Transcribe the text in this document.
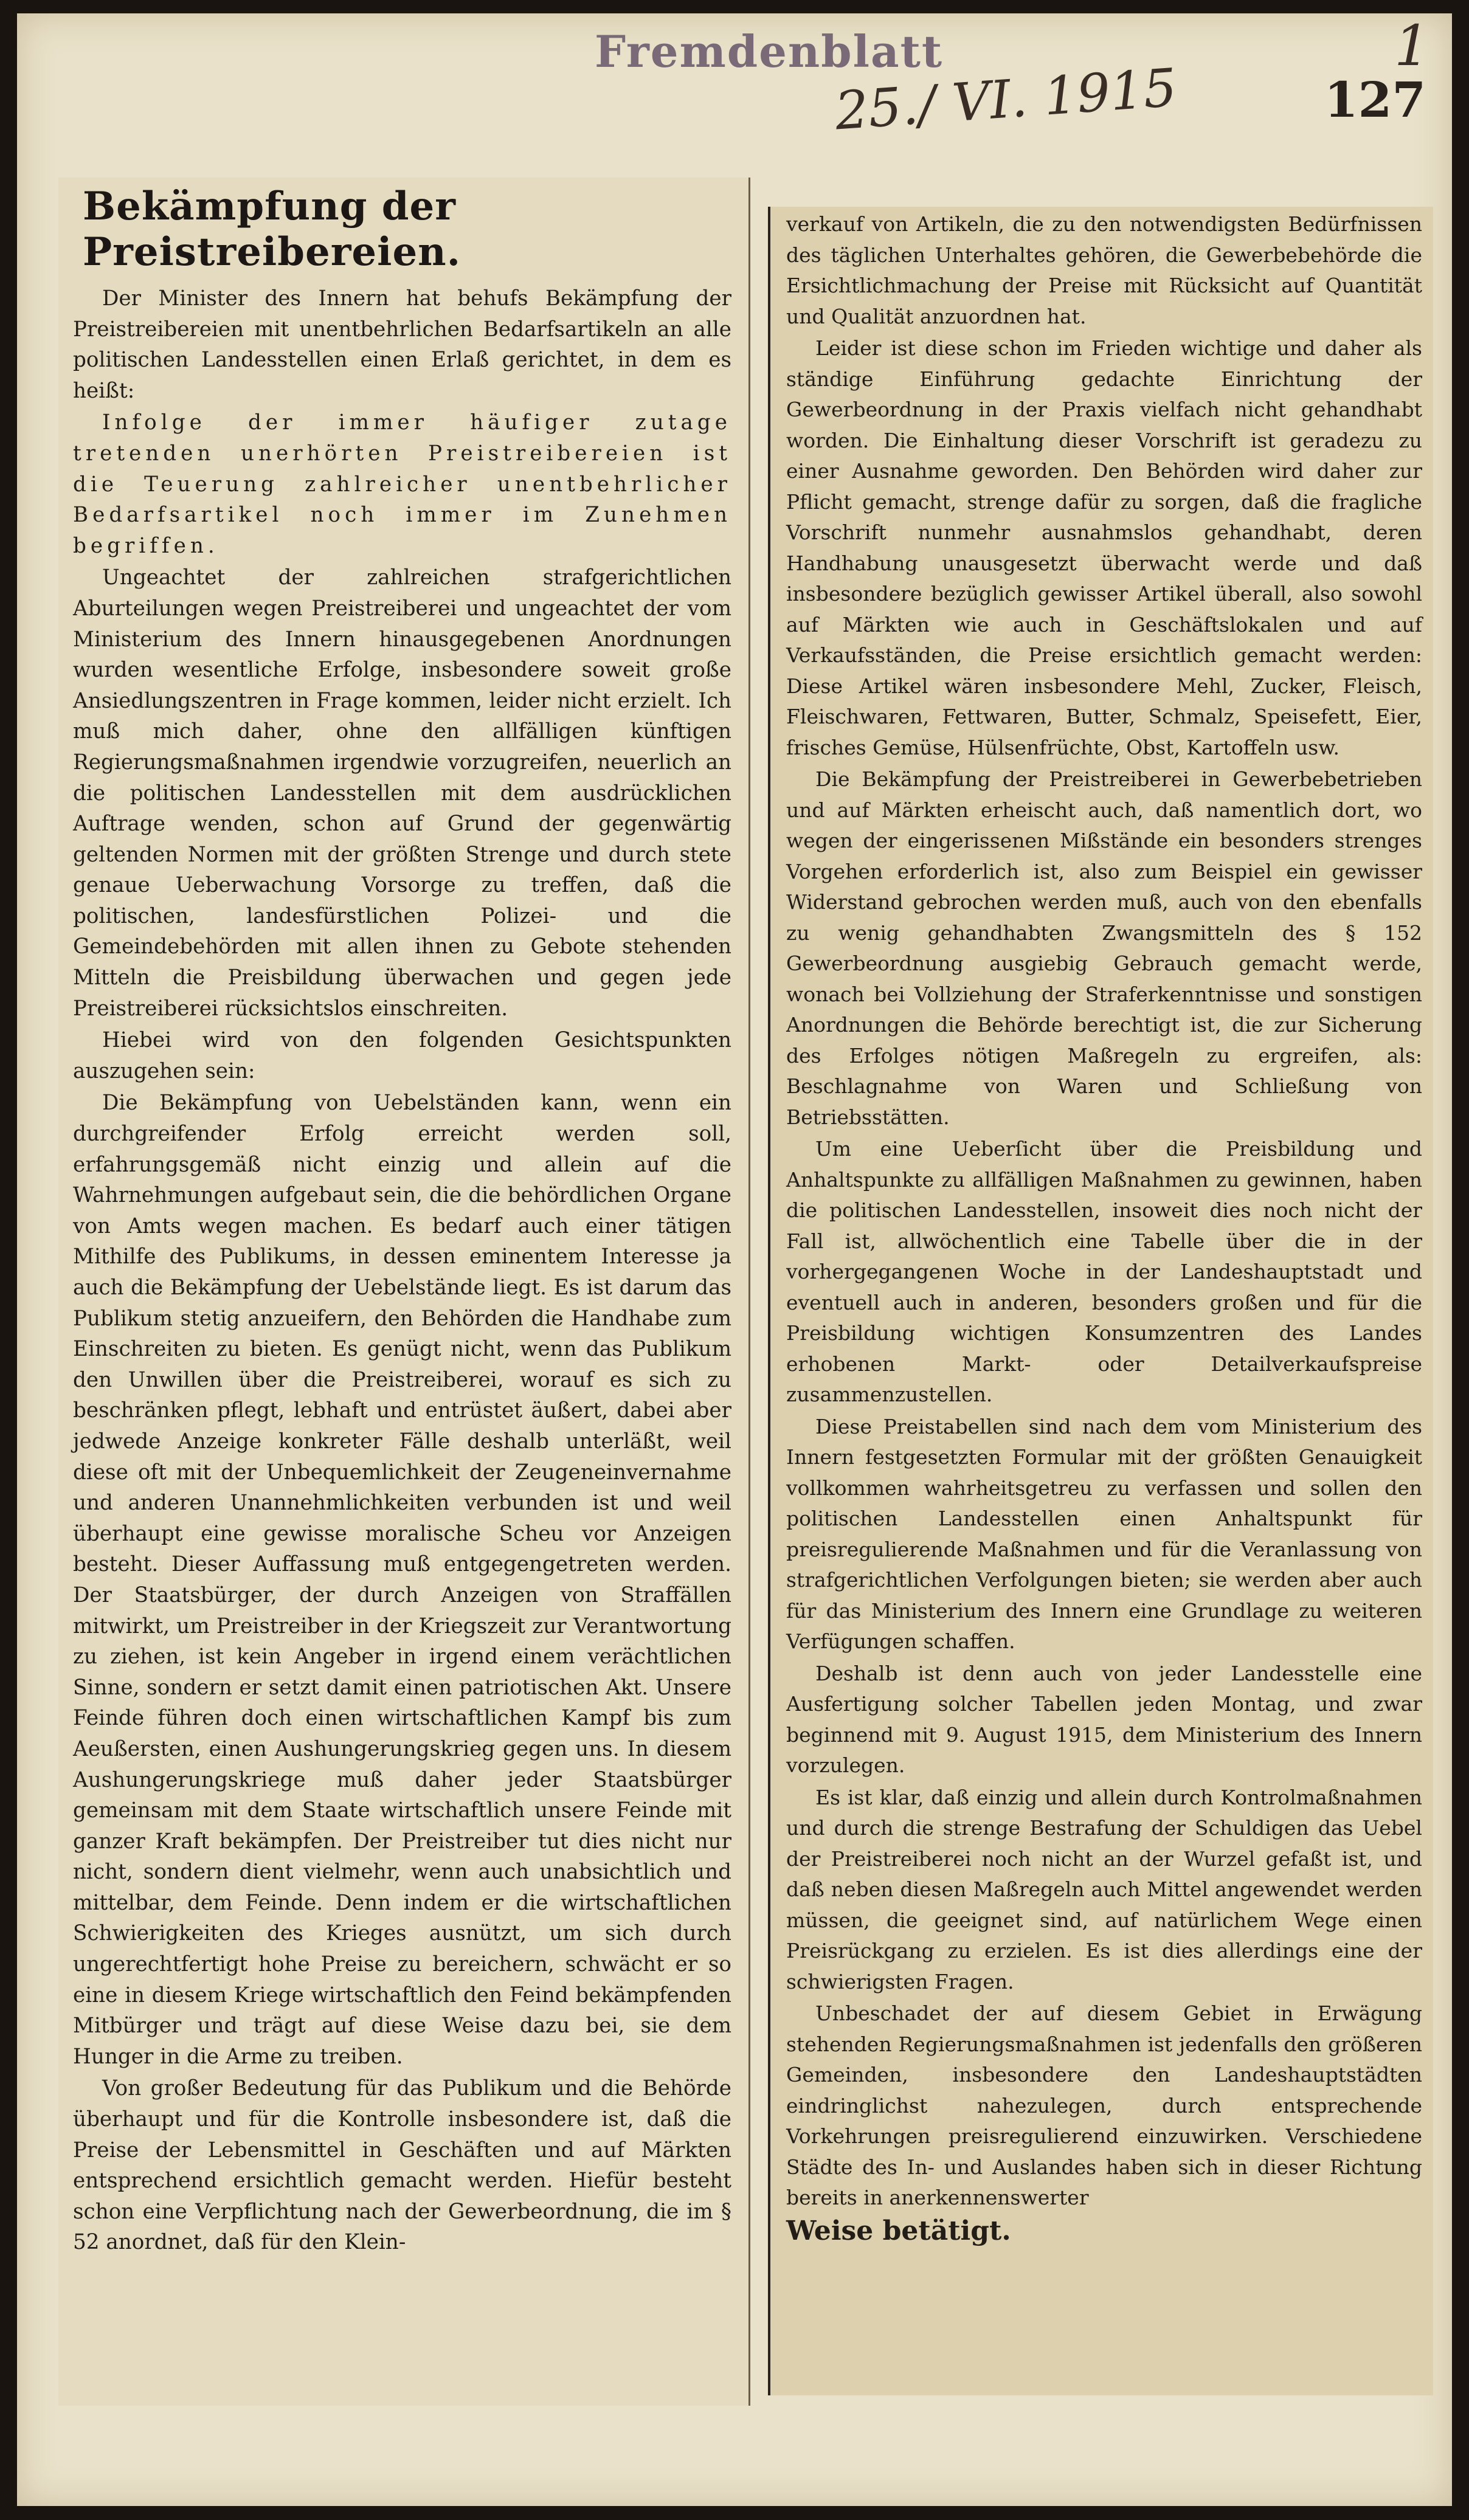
Fremdenblatt
25./ VI. 1915	127
1
Bekämpfung der Preistreibereien.

Der Minister des Innern hat behufs Bekämpfung der Preistreibereien mit unentbehrlichen Bedarfsartikeln an alle politischen Landesstellen einen Erlaß gerichtet, in dem es heißt:

Infolge der immer häufiger zutage tretenden unerhörten Preistreibereien ist die Teuerung zahlreicher unentbehrlicher Bedarfsartikel noch immer im Zunehmen begriffen.

Ungeachtet der zahlreichen strafgerichtlichen Aburteilungen wegen Preistreiberei und ungeachtet der vom Ministerium des Innern hinausgegebenen Anordnungen wurden wesentliche Erfolge, insbesondere soweit große Ansiedlungszentren in Frage kommen, leider nicht erzielt. Ich muß mich daher, ohne den allfälligen künftigen Regierungsmaßnahmen irgendwie vorzugreifen, neuerlich an die politischen Landesstellen mit dem ausdrücklichen Auftrage wenden, schon auf Grund der gegenwärtig geltenden Normen mit der größten Strenge und durch stete genaue Ueberwachung Vorsorge zu treffen, daß die politischen, landesfürstlichen Polizei- und die Gemeindebehörden mit allen ihnen zu Gebote stehenden Mitteln die Preisbildung überwachen und gegen jede Preistreiberei rücksichtslos einschreiten.

Hiebei wird von den folgenden Gesichtspunkten auszugehen sein:

Die Bekämpfung von Uebelständen kann, wenn ein durchgreifender Erfolg erreicht werden soll, erfahrungsgemäß nicht einzig und allein auf die Wahrnehmungen aufgebaut sein, die die behördlichen Organe von Amts wegen machen. Es bedarf auch einer tätigen Mithilfe des Publikums, in dessen eminentem Interesse ja auch die Bekämpfung der Uebelstände liegt. Es ist darum das Publikum stetig anzueifern, den Behörden die Handhabe zum Einschreiten zu bieten. Es genügt nicht, wenn das Publikum den Unwillen über die Preistreiberei, worauf es sich zu beschränken pflegt, lebhaft und entrüstet äußert, dabei aber jedwede Anzeige konkreter Fälle deshalb unterläßt, weil diese oft mit der Unbequemlichkeit der Zeugeneinvernahme und anderen Unannehmlichkeiten verbunden ist und weil überhaupt eine gewisse moralische Scheu vor Anzeigen besteht. Dieser Auffassung muß entgegengetreten werden. Der Staatsbürger, der durch Anzeigen von Straffällen mitwirkt, um Preistreiber in der Kriegszeit zur Verantwortung zu ziehen, ist kein Angeber in irgend einem verächtlichen Sinne, sondern er setzt damit einen patriotischen Akt. Unsere Feinde führen doch einen wirtschaftlichen Kampf bis zum Aeußersten, einen Aushungerungskrieg gegen uns. In diesem Aushungerungskriege muß daher jeder Staatsbürger gemeinsam mit dem Staate wirtschaftlich unsere Feinde mit ganzer Kraft bekämpfen. Der Preistreiber tut dies nicht nur nicht, sondern dient vielmehr, wenn auch unabsichtlich und mittelbar, dem Feinde. Denn indem er die wirtschaftlichen Schwierigkeiten des Krieges ausnützt, um sich durch ungerechtfertigt hohe Preise zu bereichern, schwächt er so eine in diesem Kriege wirtschaftlich den Feind bekämpfenden Mitbürger und trägt auf diese Weise dazu bei, sie dem Hunger in die Arme zu treiben.

Von großer Bedeutung für das Publikum und die Behörde überhaupt und für die Kontrolle insbesondere ist, daß die Preise der Lebensmittel in Geschäften und auf Märkten entsprechend ersichtlich gemacht werden. Hiefür besteht schon eine Verpflichtung nach der Gewerbeordnung, die im § 52 anordnet, daß für den Klein-

verkauf von Artikeln, die zu den notwendigsten Bedürfnissen des täglichen Unterhaltes gehören, die Gewerbebehörde die Ersichtlichmachung der Preise mit Rücksicht auf Quantität und Qualität anzuordnen hat.

Leider ist diese schon im Frieden wichtige und daher als ständige Einführung gedachte Einrichtung der Gewerbeordnung in der Praxis vielfach nicht gehandhabt worden. Die Einhaltung dieser Vorschrift ist geradezu zu einer Ausnahme geworden. Den Behörden wird daher zur Pflicht gemacht, strenge dafür zu sorgen, daß die fragliche Vorschrift nunmehr ausnahmslos gehandhabt, deren Handhabung unausgesetzt überwacht werde und daß insbesondere bezüglich gewisser Artikel überall, also sowohl auf Märkten wie auch in Geschäftslokalen und auf Verkaufsständen, die Preise ersichtlich gemacht werden: Diese Artikel wären insbesondere Mehl, Zucker, Fleisch, Fleischwaren, Fettwaren, Butter, Schmalz, Speisefett, Eier, frisches Gemüse, Hülsenfrüchte, Obst, Kartoffeln usw.

Die Bekämpfung der Preistreiberei in Gewerbebetrieben und auf Märkten erheischt auch, daß namentlich dort, wo wegen der eingerissenen Mißstände ein besonders strenges Vorgehen erforderlich ist, also zum Beispiel ein gewisser Widerstand gebrochen werden muß, auch von den ebenfalls zu wenig gehandhabten Zwangsmitteln des § 152 Gewerbeordnung ausgiebig Gebrauch gemacht werde, wonach bei Vollziehung der Straferkenntnisse und sonstigen Anordnungen die Behörde berechtigt ist, die zur Sicherung des Erfolges nötigen Maßregeln zu ergreifen, als: Beschlagnahme von Waren und Schließung von Betriebsstätten.

Um eine Ueberſicht über die Preisbildung und Anhaltspunkte zu allfälligen Maßnahmen zu gewinnen, haben die politischen Landesstellen, insoweit dies noch nicht der Fall ist, allwöchentlich eine Tabelle über die in der vorhergegangenen Woche in der Landeshauptstadt und eventuell auch in anderen, besonders großen und für die Preisbildung wichtigen Konsumzentren des Landes erhobenen Markt- oder Detailverkaufspreise zusammenzustellen.

Diese Preistabellen sind nach dem vom Ministerium des Innern festgesetzten Formular mit der größten Genauigkeit vollkommen wahrheitsgetreu zu verfassen und sollen den politischen Landesstellen einen Anhaltspunkt für preisregulierende Maßnahmen und für die Veranlassung von strafgerichtlichen Verfolgungen bieten; sie werden aber auch für das Ministerium des Innern eine Grundlage zu weiteren Verfügungen schaffen.

Deshalb ist denn auch von jeder Landesstelle eine Ausfertigung solcher Tabellen jeden Montag, und zwar beginnend mit 9. August 1915, dem Ministerium des Innern vorzulegen.

Es ist klar, daß einzig und allein durch Kontrolmaßnahmen und durch die strenge Bestrafung der Schuldigen das Uebel der Preistreiberei noch nicht an der Wurzel gefaßt ist, und daß neben diesen Maßregeln auch Mittel angewendet werden müssen, die geeignet sind, auf natürlichem Wege einen Preisrückgang zu erzielen. Es ist dies allerdings eine der schwierigsten Fragen.

Unbeschadet der auf diesem Gebiet in Erwägung stehenden Regierungsmaßnahmen ist jedenfalls den größeren Gemeinden, insbesondere den Landeshauptstädten eindringlichst nahezulegen, durch entsprechende Vorkehrungen preisregulierend einzuwirken. Verschiedene Städte des In- und Auslandes haben sich in dieser Richtung bereits in anerkennenswerter

Weise betätigt.
